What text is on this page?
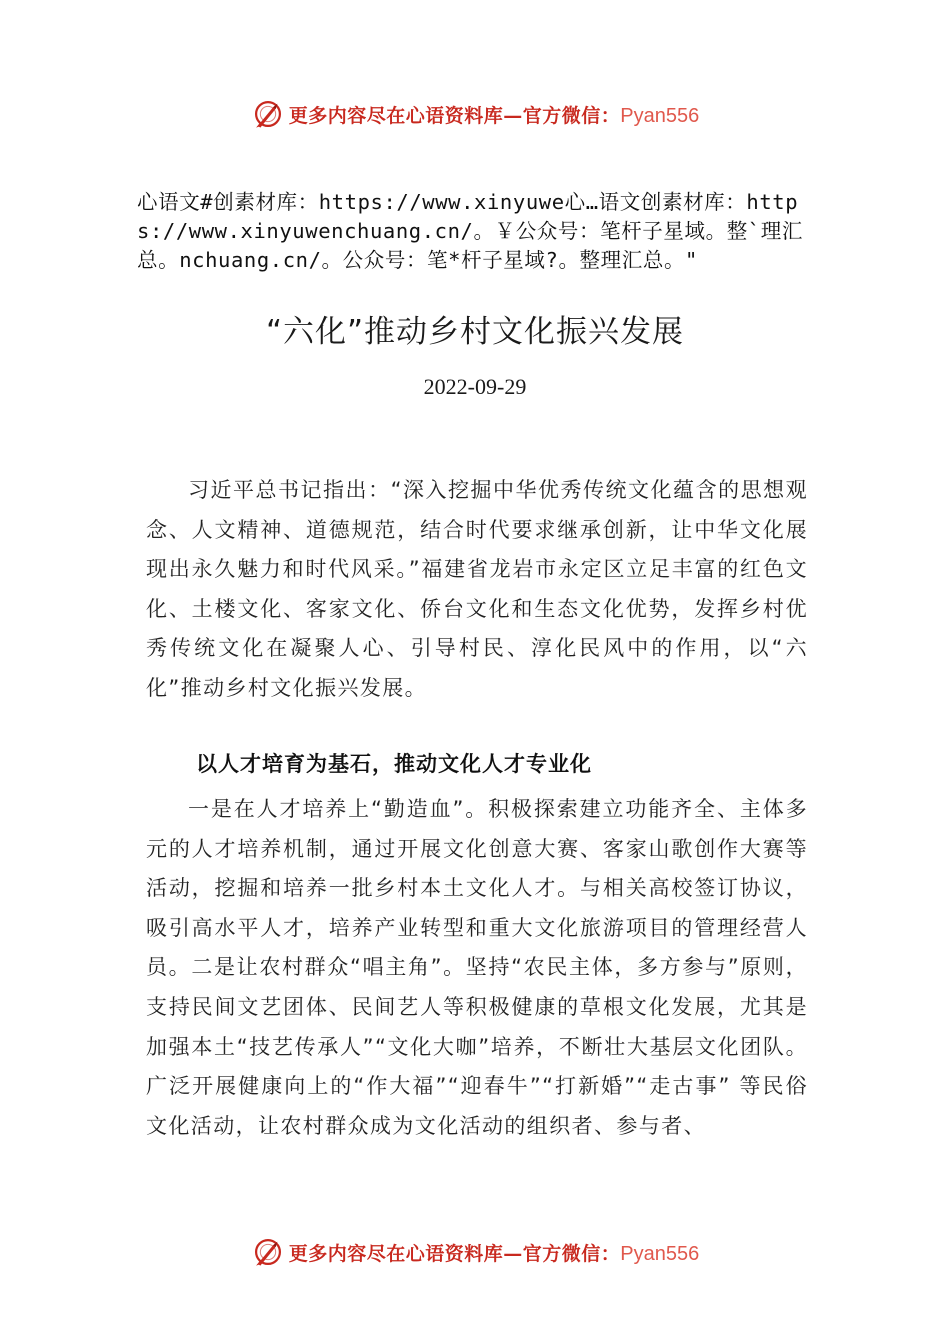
更多内容尽在心语资料库—官方微信：Pyan556
心语文#创素材库：https://www.xinyuwe心…语文创素材库：https://www.xinyuwenchuang.cn/。￥公众号：笔杆子星域。整`理汇总。nchuang.cn/。公众号：笔*杆子星域?。整理汇总。"
“六化”推动乡村文化振兴发展
2022-09-29
习近平总书记指出：“深入挖掘中华优秀传统文化蕴含的思想观念、人文精神、道德规范，结合时代要求继承创新，让中华文化展现出永久魅力和时代风采。”福建省龙岩市永定区立足丰富的红色文化、土楼文化、客家文化、侨台文化和生态文化优势，发挥乡村优秀传统文化在凝聚人心、引导村民、淳化民风中的作用，以“六化”推动乡村文化振兴发展。
以人才培育为基石，推动文化人才专业化
一是在人才培养上“勤造血”。积极探索建立功能齐全、主体多元的人才培养机制，通过开展文化创意大赛、客家山歌创作大赛等活动，挖掘和培养一批乡村本土文化人才。与相关高校签订协议，吸引高水平人才，培养产业转型和重大文化旅游项目的管理经营人员。二是让农村群众“唱主角”。坚持“农民主体，多方参与”原则，支持民间文艺团体、民间艺人等积极健康的草根文化发展，尤其是加强本土“技艺传承人”“文化大咖”培养，不断壮大基层文化团队。广泛开展健康向上的“作大福”“迎春牛”“打新婚”“走古事” 等民俗文化活动，让农村群众成为文化活动的组织者、参与者、
更多内容尽在心语资料库—官方微信：Pyan556
